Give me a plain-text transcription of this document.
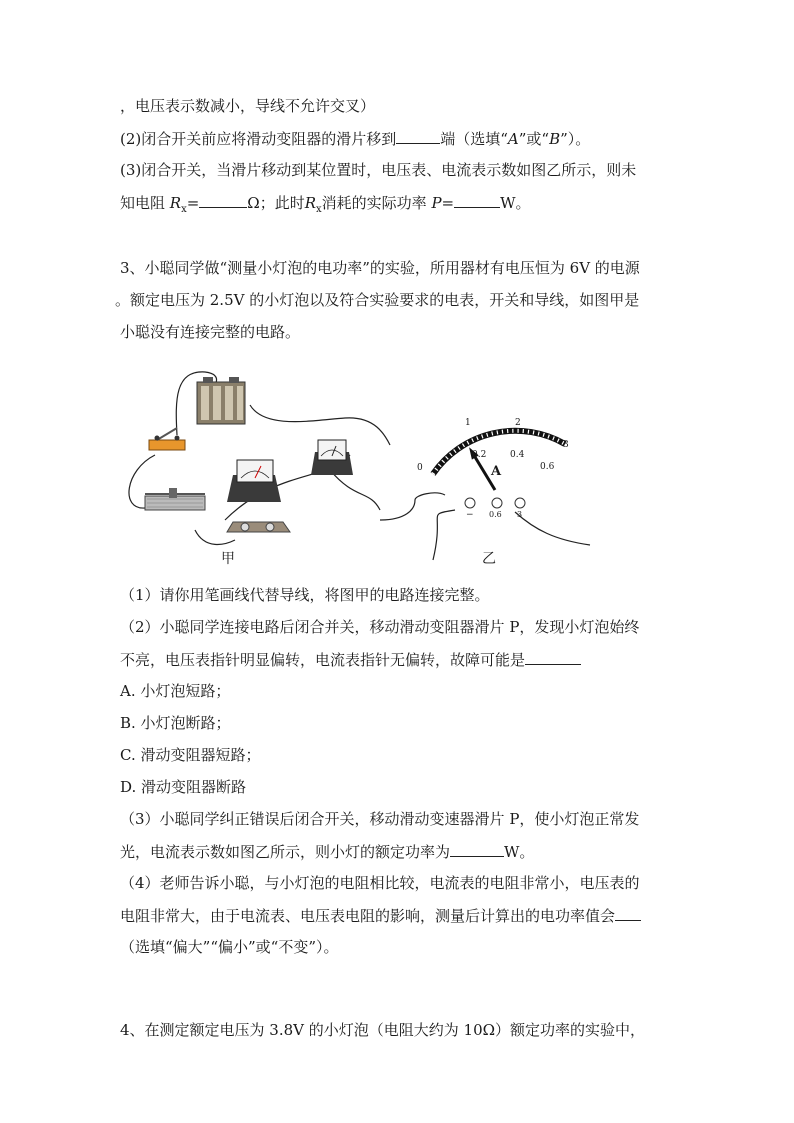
，电压表示数减小，导线不允许交叉）
(2)闭合开关前应将滑动变阻器的滑片移到	端（选填“A”或“B”）。
(3)闭合开关，当滑片移动到某位置时，电压表、电流表示数如图乙所示，则未
知电阻 $R_x=$	Ω；此时$R_x$消耗的实际功率 P=	W。
3、小聪同学做“测量小灯泡的电功率”的实验，所用器材有电压恒为 6V 的电源
。额定电压为 2.5V 的小灯泡以及符合实验要求的电表，开关和导线，如图甲是
小聪没有连接完整的电路。
0
1	2
3
0.2	0.4
0.6
A
− 0.6 3
甲	乙
（1）请你用笔画线代替导线，将图甲的电路连接完整。
（2）小聪同学连接电路后闭合并关，移动滑动变阻器滑片 P，发现小灯泡始终
不亮，电压表指针明显偏转，电流表指针无偏转，故障可能是
A. 小灯泡短路；
B. 小灯泡断路；
C. 滑动变阻器短路；
D. 滑动变阻器断路
（3）小聪同学纠正错误后闭合开关，移动滑动变速器滑片 P，使小灯泡正常发
光，电流表示数如图乙所示，则小灯的额定功率为	W。
（4）老师告诉小聪，与小灯泡的电阻相比较，电流表的电阻非常小，电压表的
电阻非常大，由于电流表、电压表电阻的影响，测量后计算出的电功率值会
（选填“偏大”“偏小”或“不变”）。
4、在测定额定电压为 3.8V 的小灯泡（电阻大约为 10Ω）额定功率的实验中，
